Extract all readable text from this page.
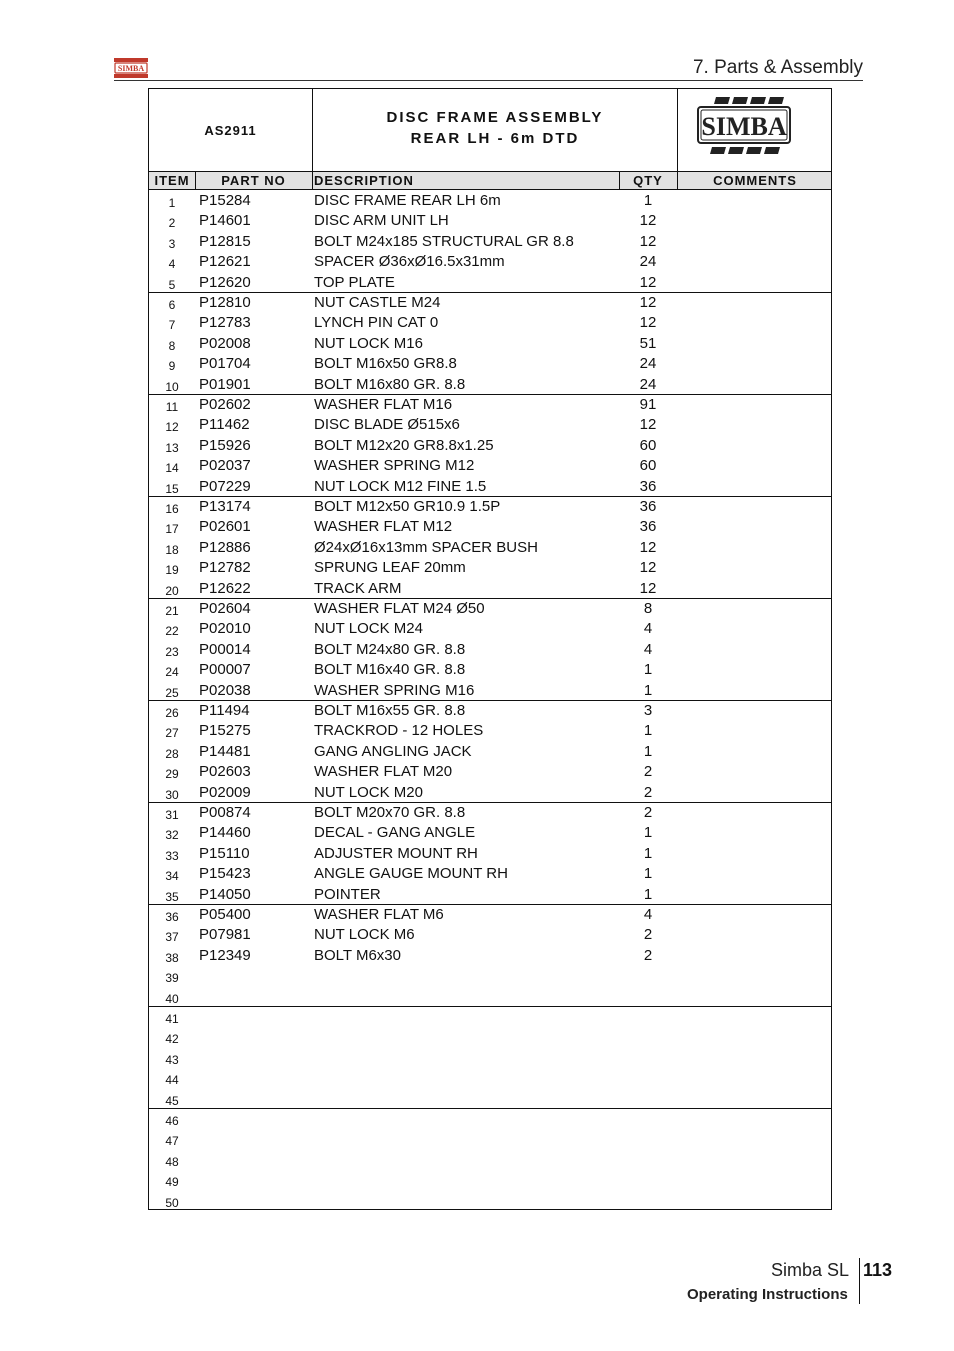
SIMBA	7. Parts & Assembly
AS2911
DISC FRAME ASSEMBLY
REAR LH - 6m DTD	SIMBA
ITEM	PART NO	DESCRIPTION	QTY	COMMENTS
1	P15284	DISC FRAME REAR LH 6m	1
2	P14601	DISC ARM UNIT LH	12
3	P12815	BOLT M24x185 STRUCTURAL GR 8.8	12
4	P12621	SPACER Ø36xØ16.5x31mm	24
5	P12620	TOP PLATE	12
6	P12810	NUT CASTLE M24	12
7	P12783	LYNCH PIN CAT 0	12
8	P02008	NUT LOCK M16	51
9	P01704	BOLT M16x50 GR8.8	24
10	P01901	BOLT M16x80 GR. 8.8	24
11	P02602	WASHER FLAT M16	91
12	P11462	DISC BLADE Ø515x6	12
13	P15926	BOLT M12x20 GR8.8x1.25	60
14	P02037	WASHER SPRING M12	60
15	P07229	NUT LOCK M12 FINE 1.5	36
16	P13174	BOLT M12x50 GR10.9 1.5P	36
17	P02601	WASHER FLAT M12	36
18	P12886	Ø24xØ16x13mm SPACER BUSH	12
19	P12782	SPRUNG LEAF 20mm	12
20	P12622	TRACK ARM	12
21	P02604	WASHER FLAT M24 Ø50	8
22	P02010	NUT LOCK M24	4
23	P00014	BOLT M24x80 GR. 8.8	4
24	P00007	BOLT M16x40 GR. 8.8	1
25	P02038	WASHER SPRING M16	1
26	P11494	BOLT M16x55 GR. 8.8	3
27	P15275	TRACKROD - 12 HOLES	1
28	P14481	GANG ANGLING JACK	1
29	P02603	WASHER FLAT M20	2
30	P02009	NUT LOCK M20	2
31	P00874	BOLT M20x70 GR. 8.8	2
32	P14460	DECAL - GANG ANGLE	1
33	P15110	ADJUSTER MOUNT RH	1
34	P15423	ANGLE GAUGE MOUNT RH	1
35	P14050	POINTER	1
36	P05400	WASHER FLAT M6	4
37	P07981	NUT LOCK M6	2
38	P12349	BOLT M6x30	2
39
40
41
42
43
44
45
46
47
48
49
50
Simba SL 113
Operating Instructions
